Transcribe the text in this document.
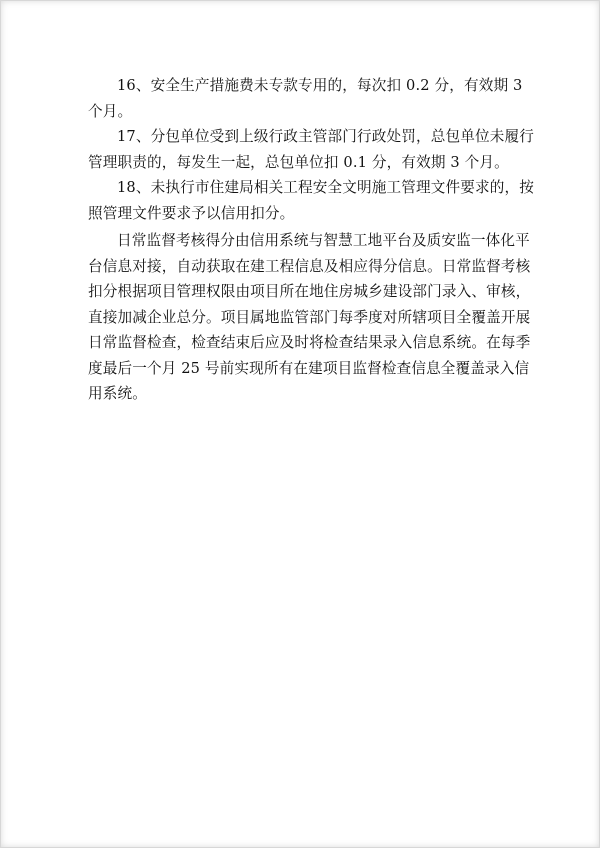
16、安全生产措施费未专款专用的，每次扣 0.2 分，有效期 3 个月。

17、分包单位受到上级行政主管部门行政处罚，总包单位未履行管理职责的，每发生一起，总包单位扣 0.1 分，有效期 3 个月。

18、未执行市住建局相关工程安全文明施工管理文件要求的，按照管理文件要求予以信用扣分。

日常监督考核得分由信用系统与智慧工地平台及质安监一体化平台信息对接，自动获取在建工程信息及相应得分信息。日常监督考核扣分根据项目管理权限由项目所在地住房城乡建设部门录入、审核，直接加减企业总分。项目属地监管部门每季度对所辖项目全覆盖开展日常监督检查，检查结束后应及时将检查结果录入信息系统。在每季度最后一个月 25 号前实现所有在建项目监督检查信息全覆盖录入信用系统。
